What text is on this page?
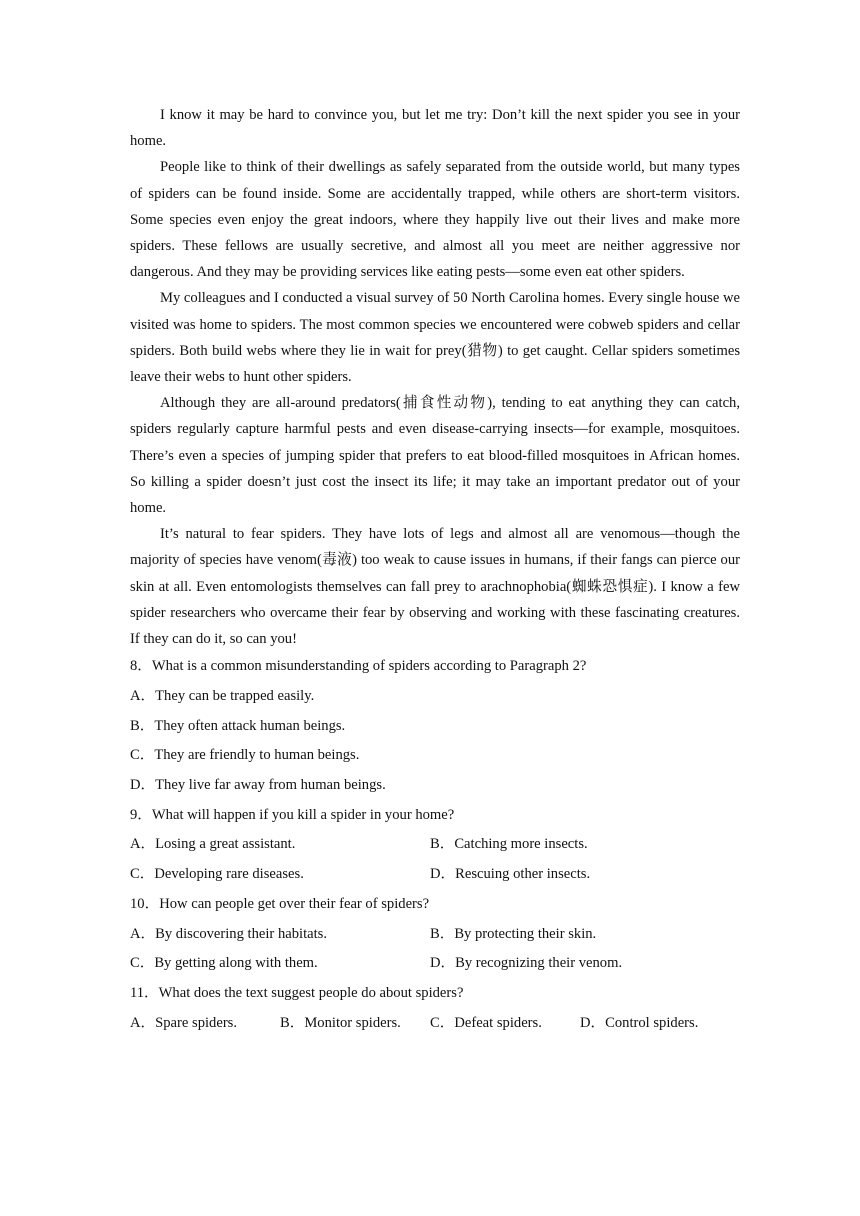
I know it may be hard to convince you, but let me try: Don’t kill the next spider you see in your home.

People like to think of their dwellings as safely separated from the outside world, but many types of spiders can be found inside. Some are accidentally trapped, while others are short-term visitors. Some species even enjoy the great indoors, where they happily live out their lives and make more spiders. These fellows are usually secretive, and almost all you meet are neither aggressive nor dangerous. And they may be providing services like eating pests—some even eat other spiders.

My colleagues and I conducted a visual survey of 50 North Carolina homes. Every single house we visited was home to spiders. The most common species we encountered were cobweb spiders and cellar spiders. Both build webs where they lie in wait for prey(猎物) to get caught. Cellar spiders sometimes leave their webs to hunt other spiders.

Although they are all-around predators(捕食性动物), tending to eat anything they can catch, spiders regularly capture harmful pests and even disease-carrying insects—for example, mosquitoes. There’s even a species of jumping spider that prefers to eat blood-filled mosquitoes in African homes. So killing a spider doesn’t just cost the insect its life; it may take an important predator out of your home.

It’s natural to fear spiders. They have lots of legs and almost all are venomous—though the majority of species have venom(毒液) too weak to cause issues in humans, if their fangs can pierce our skin at all. Even entomologists themselves can fall prey to arachnophobia(蜘蛛恐惧症). I know a few spider researchers who overcame their fear by observing and working with these fascinating creatures. If they can do it, so can you!

8．What is a common misunderstanding of spiders according to Paragraph 2?

A．They can be trapped easily.
B．They often attack human beings.
C．They are friendly to human beings.
D．They live far away from human beings.

9．What will happen if you kill a spider in your home?

A．Losing a great assistant.	B．Catching more insects.
C．Developing rare diseases.	D．Rescuing other insects.

10．How can people get over their fear of spiders?

A．By discovering their habitats.	B．By protecting their skin.
C．By getting along with them.	D．By recognizing their venom.

11．What does the text suggest people do about spiders?

A．Spare spiders.	B．Monitor spiders.	C．Defeat spiders.	D．Control spiders.
